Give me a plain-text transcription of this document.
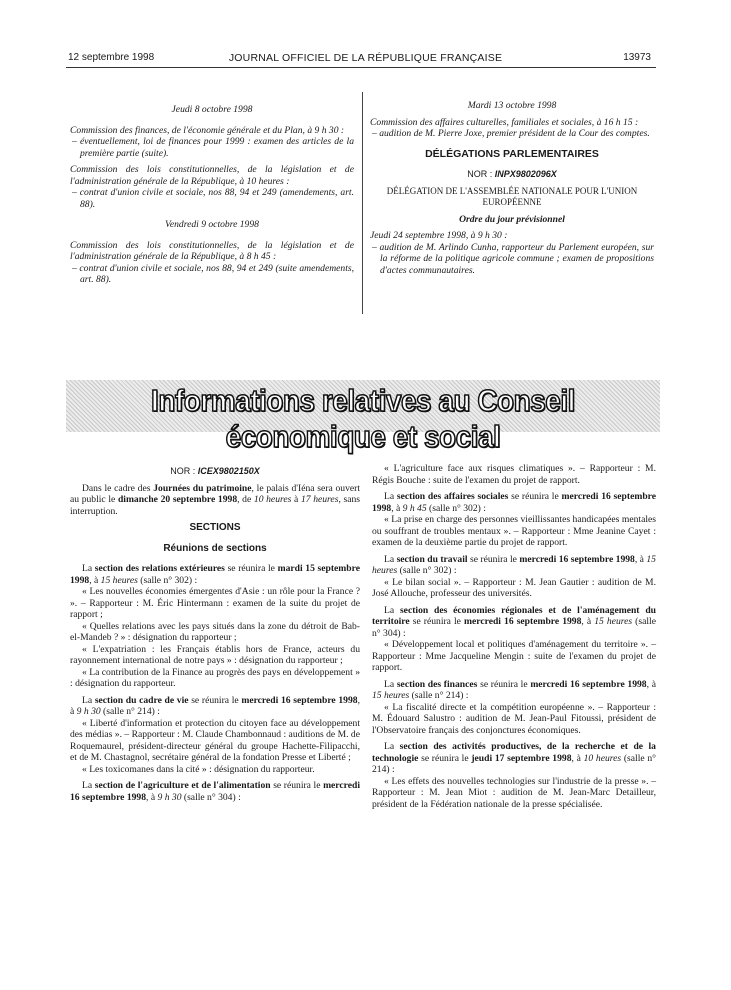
12 septembre 1998	JOURNAL OFFICIEL DE LA RÉPUBLIQUE FRANÇAISE	13973
Jeudi 8 octobre 1998
Commission des finances, de l'économie générale et du Plan, à 9 h 30 :
– éventuellement, loi de finances pour 1999 : examen des articles de la première partie (suite).
Commission des lois constitutionnelles, de la législation et de l'administration générale de la République, à 10 heures :
– contrat d'union civile et sociale, nos 88, 94 et 249 (amendements, art. 88).
Vendredi 9 octobre 1998
Commission des lois constitutionnelles, de la législation et de l'administration générale de la République, à 8 h 45 :
– contrat d'union civile et sociale, nos 88, 94 et 249 (suite amendements, art. 88).
Mardi 13 octobre 1998
Commission des affaires culturelles, familiales et sociales, à 16 h 15 :
– audition de M. Pierre Joxe, premier président de la Cour des comptes.
DÉLÉGATIONS PARLEMENTAIRES
NOR : INPX9802096X
DÉLÉGATION DE L'ASSEMBLÉE NATIONALE POUR L'UNION EUROPÉENNE
Ordre du jour prévisionnel
Jeudi 24 septembre 1998, à 9 h 30 :
– audition de M. Arlindo Cunha, rapporteur du Parlement européen, sur la réforme de la politique agricole commune ; examen de propositions d'actes communautaires.
Informations relatives au Conseil économique et social
NOR : ICEX9802150X
Dans le cadre des Journées du patrimoine, le palais d'Iéna sera ouvert au public le dimanche 20 septembre 1998, de 10 heures à 17 heures, sans interruption.
SECTIONS
Réunions de sections
La section des relations extérieures se réunira le mardi 15 septembre 1998, à 15 heures (salle n° 302) :
« Les nouvelles économies émergentes d'Asie : un rôle pour la France ? ». – Rapporteur : M. Éric Hintermann : examen de la suite du projet de rapport ;
« Quelles relations avec les pays situés dans la zone du détroit de Bab-el-Mandeb ? » : désignation du rapporteur ;
« L'expatriation : les Français établis hors de France, acteurs du rayonnement international de notre pays » : désignation du rapporteur ;
« La contribution de la Finance au progrès des pays en développement » : désignation du rapporteur.
La section du cadre de vie se réunira le mercredi 16 septembre 1998, à 9 h 30 (salle n° 214) :
« Liberté d'information et protection du citoyen face au développement des médias ». – Rapporteur : M. Claude Chambonnaud : auditions de M. de Roquemaurel, président-directeur général du groupe Hachette-Filipacchi, et de M. Chastagnol, secrétaire général de la fondation Presse et Liberté ;
« Les toxicomanes dans la cité » : désignation du rapporteur.
La section de l'agriculture et de l'alimentation se réunira le mercredi 16 septembre 1998, à 9 h 30 (salle n° 304) :
« L'agriculture face aux risques climatiques ». – Rapporteur : M. Régis Bouche : suite de l'examen du projet de rapport.
La section des affaires sociales se réunira le mercredi 16 septembre 1998, à 9 h 45 (salle n° 302) :
« La prise en charge des personnes vieillissantes handicapées mentales ou souffrant de troubles mentaux ». – Rapporteur : Mme Jeanine Cayet : examen de la deuxième partie du projet de rapport.
La section du travail se réunira le mercredi 16 septembre 1998, à 15 heures (salle n° 302) :
« Le bilan social ». – Rapporteur : M. Jean Gautier : audition de M. José Allouche, professeur des universités.
La section des économies régionales et de l'aménagement du territoire se réunira le mercredi 16 septembre 1998, à 15 heures (salle n° 304) :
« Développement local et politiques d'aménagement du territoire ». – Rapporteur : Mme Jacqueline Mengin : suite de l'examen du projet de rapport.
La section des finances se réunira le mercredi 16 septembre 1998, à 15 heures (salle n° 214) :
« La fiscalité directe et la compétition européenne ». – Rapporteur : M. Édouard Salustro : audition de M. Jean-Paul Fitoussi, président de l'Observatoire français des conjonctures économiques.
La section des activités productives, de la recherche et de la technologie se réunira le jeudi 17 septembre 1998, à 10 heures (salle n° 214) :
« Les effets des nouvelles technologies sur l'industrie de la presse ». – Rapporteur : M. Jean Miot : audition de M. Jean-Marc Detailleur, président de la Fédération nationale de la presse spécialisée.
